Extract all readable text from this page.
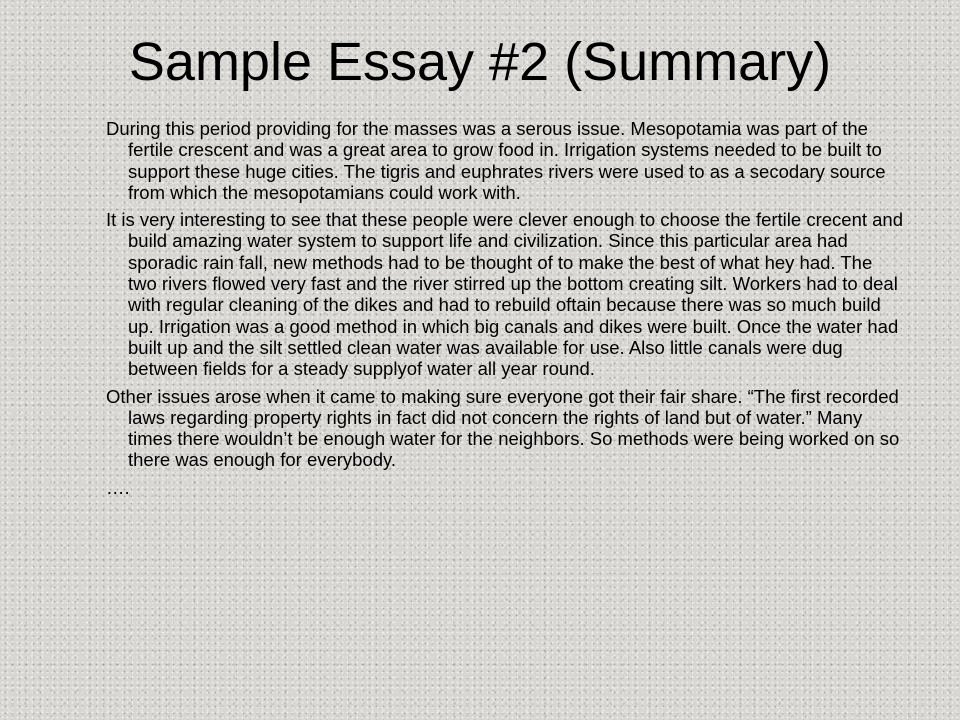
Sample Essay #2 (Summary)

During this period providing for the masses was a serous issue. Mesopotamia was part of the fertile crescent and was a great area to grow food in. Irrigation systems needed to be built to support these huge cities. The tigris and euphrates rivers were used to as a secodary source from which the mesopotamians could work with.

It is very interesting to see that these people were clever enough to choose the fertile crecent and build amazing water system to support life and civilization. Since this particular area had sporadic rain fall, new methods had to be thought of to make the best of what hey had. The two rivers flowed very fast and the river stirred up the bottom creating silt. Workers had to deal with regular cleaning of the dikes and had to rebuild oftain because there was so much build up. Irrigation was a good method in which big canals and dikes were built. Once the water had built up and the silt settled clean water was available for use. Also little canals were dug between fields for a steady supplyof water all year round.

Other issues arose when it came to making sure everyone got their fair share. “The first recorded laws regarding property rights in fact did not concern the rights of land but of water.” Many times there wouldn’t be enough water for the neighbors. So methods were being worked on so there was enough for everybody.

….
